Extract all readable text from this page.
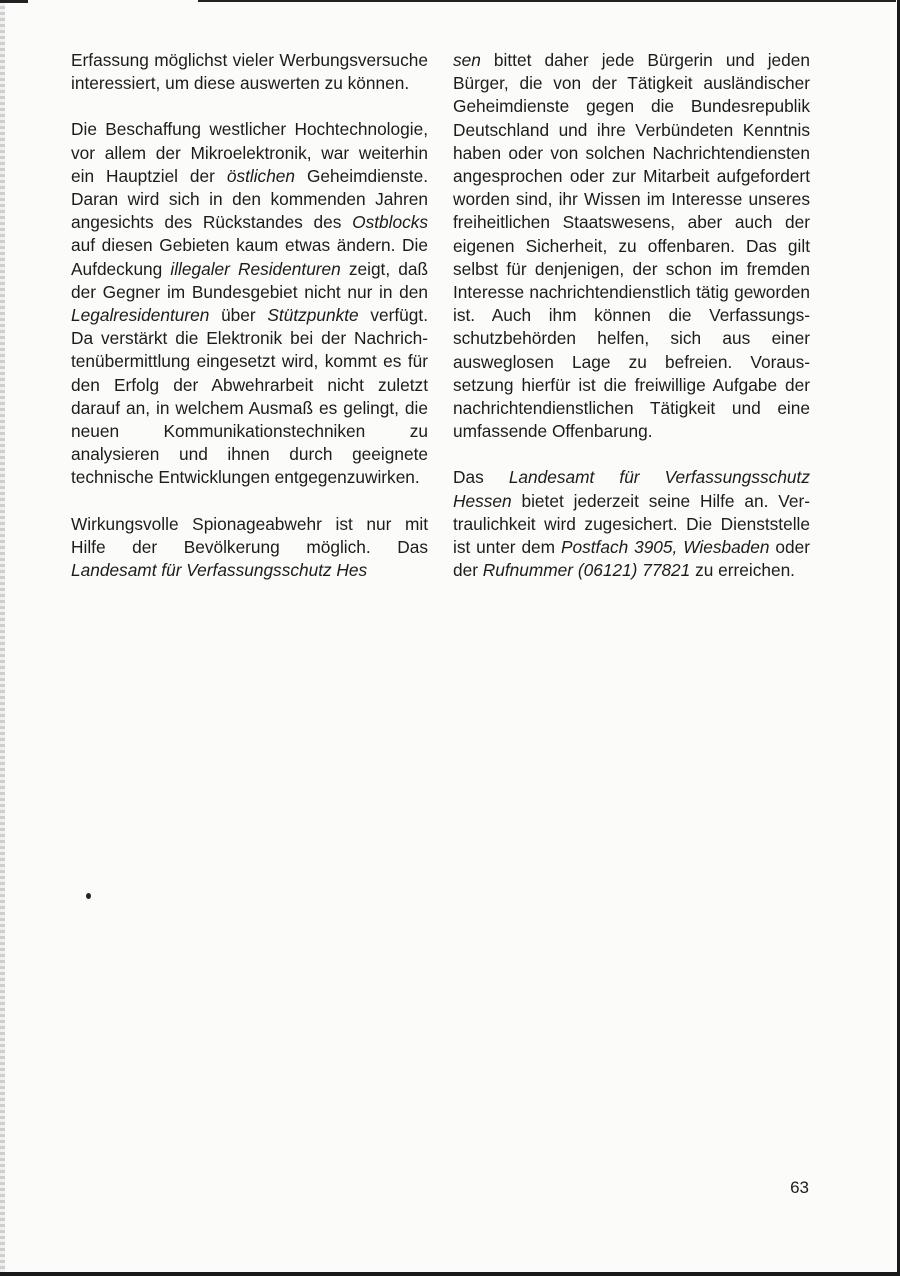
Erfassung möglichst vieler Werbungsversuche interessiert, um diese auswerten zu können.

Die Beschaffung westlicher Hochtechnologie, vor allem der Mikroelektronik, war weiterhin ein Hauptziel der östlichen Geheimdienste. Daran wird sich in den kommenden Jahren angesichts des Rückstandes des Ostblocks auf diesen Gebieten kaum etwas ändern. Die Aufdeckung illegaler Residenturen zeigt, daß der Gegner im Bundesgebiet nicht nur in den Legalresidenturen über Stützpunkte verfügt. Da verstärkt die Elektronik bei der Nachrichtenübermittlung eingesetzt wird, kommt es für den Erfolg der Abwehrarbeit nicht zuletzt darauf an, in welchem Ausmaß es gelingt, die neuen Kommunikationstechniken zu analysieren und ihnen durch geeignete technische Entwicklungen entgegenzuwirken.

Wirkungsvolle Spionageabwehr ist nur mit Hilfe der Bevölkerung möglich. Das Landesamt für Verfassungsschutz Hes

sen bittet daher jede Bürgerin und jeden Bürger, die von der Tätigkeit ausländischer Geheimdienste gegen die Bundesrepublik Deutschland und ihre Verbündeten Kenntnis haben oder von solchen Nachrichtendiensten angesprochen oder zur Mitarbeit aufgefordert worden sind, ihr Wissen im Interesse unseres freiheitlichen Staatswesens, aber auch der eigenen Sicherheit, zu offenbaren. Das gilt selbst für denjenigen, der schon im fremden Interesse nachrichtendienstlich tätig geworden ist. Auch ihm können die Verfassungsschutzbehörden helfen, sich aus einer ausweglosen Lage zu befreien. Voraussetzung hierfür ist die freiwillige Aufgabe der nachrichtendienstlichen Tätigkeit und eine umfassende Offenbarung.

Das Landesamt für Verfassungsschutz Hessen bietet jederzeit seine Hilfe an. Vertraulichkeit wird zugesichert. Die Dienststelle ist unter dem Postfach 3905, Wiesbaden oder der Rufnummer (06121) 77821 zu erreichen.

63
